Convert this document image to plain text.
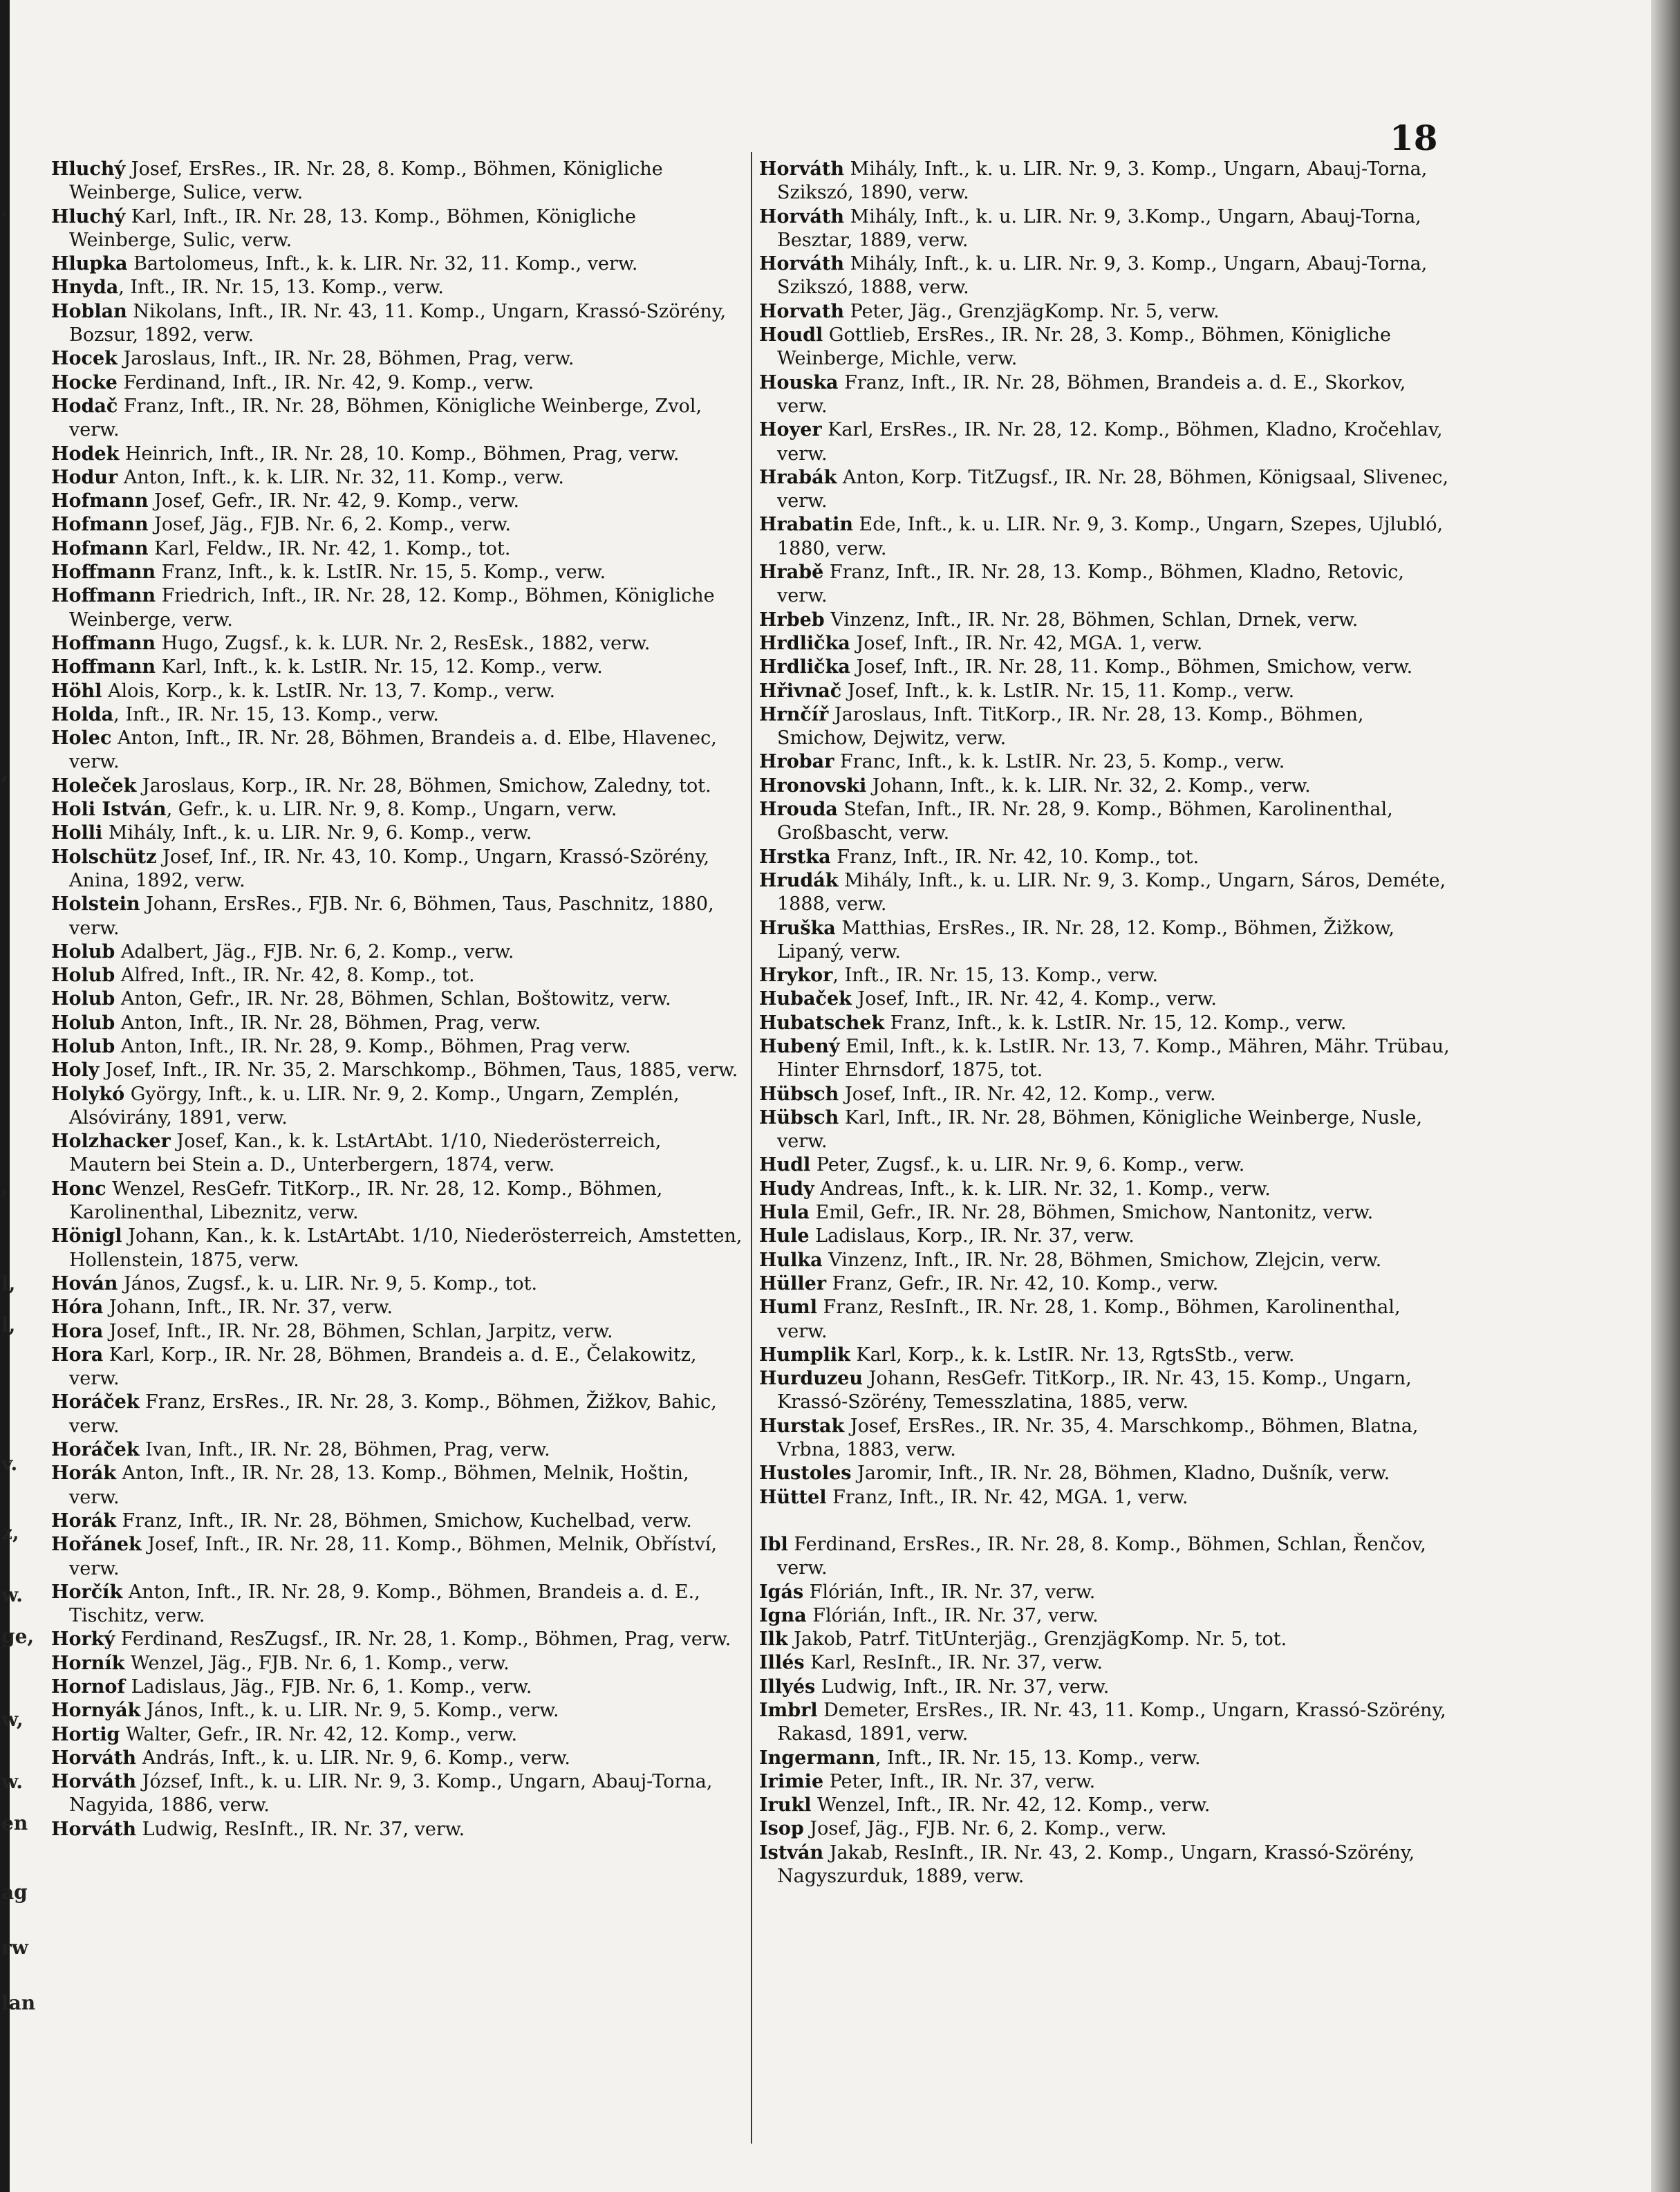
'
,
,
l,
l,
v.
z,
w.
ge,
w,
w.
en
ag
rw
lan
18
Hluchý Josef, ErsRes., IR. Nr. 28, 8. Komp., Böhmen, Königliche Weinberge, Sulice, verw.
Hluchý Karl, Inft., IR. Nr. 28, 13. Komp., Böhmen, Königliche Weinberge, Sulic, verw.
Hlupka Bartolomeus, Inft., k. k. LIR. Nr. 32, 11. Komp., verw.
Hnyda, Inft., IR. Nr. 15, 13. Komp., verw.
Hoblan Nikolans, Inft., IR. Nr. 43, 11. Komp., Ungarn, Krassó-Szörény, Bozsur, 1892, verw.
Hocek Jaroslaus, Inft., IR. Nr. 28, Böhmen, Prag, verw.
Hocke Ferdinand, Inft., IR. Nr. 42, 9. Komp., verw.
Hodač Franz, Inft., IR. Nr. 28, Böhmen, Königliche Weinberge, Zvol, verw.
Hodek Heinrich, Inft., IR. Nr. 28, 10. Komp., Böhmen, Prag, verw.
Hodur Anton, Inft., k. k. LIR. Nr. 32, 11. Komp., verw.
Hofmann Josef, Gefr., IR. Nr. 42, 9. Komp., verw.
Hofmann Josef, Jäg., FJB. Nr. 6, 2. Komp., verw.
Hofmann Karl, Feldw., IR. Nr. 42, 1. Komp., tot.
Hoffmann Franz, Inft., k. k. LstIR. Nr. 15, 5. Komp., verw.
Hoffmann Friedrich, Inft., IR. Nr. 28, 12. Komp., Böhmen, Königliche Weinberge, verw.
Hoffmann Hugo, Zugsf., k. k. LUR. Nr. 2, ResEsk., 1882, verw.
Hoffmann Karl, Inft., k. k. LstIR. Nr. 15, 12. Komp., verw.
Höhl Alois, Korp., k. k. LstIR. Nr. 13, 7. Komp., verw.
Holda, Inft., IR. Nr. 15, 13. Komp., verw.
Holec Anton, Inft., IR. Nr. 28, Böhmen, Brandeis a. d. Elbe, Hlavenec, verw.
Holeček Jaroslaus, Korp., IR. Nr. 28, Böhmen, Smichow, Zaledny, tot.
Holi István, Gefr., k. u. LIR. Nr. 9, 8. Komp., Ungarn, verw.
Holli Mihály, Inft., k. u. LIR. Nr. 9, 6. Komp., verw.
Holschütz Josef, Inf., IR. Nr. 43, 10. Komp., Ungarn, Krassó-Szörény, Anina, 1892, verw.
Holstein Johann, ErsRes., FJB. Nr. 6, Böhmen, Taus, Paschnitz, 1880, verw.
Holub Adalbert, Jäg., FJB. Nr. 6, 2. Komp., verw.
Holub Alfred, Inft., IR. Nr. 42, 8. Komp., tot.
Holub Anton, Gefr., IR. Nr. 28, Böhmen, Schlan, Boštowitz, verw.
Holub Anton, Inft., IR. Nr. 28, Böhmen, Prag, verw.
Holub Anton, Inft., IR. Nr. 28, 9. Komp., Böhmen, Prag verw.
Holy Josef, Inft., IR. Nr. 35, 2. Marschkomp., Böhmen, Taus, 1885, verw.
Holykó György, Inft., k. u. LIR. Nr. 9, 2. Komp., Ungarn, Zemplén, Alsóvirány, 1891, verw.
Holzhacker Josef, Kan., k. k. LstArtAbt. 1/10, Niederösterreich, Mautern bei Stein a. D., Unterbergern, 1874, verw.
Honc Wenzel, ResGefr. TitKorp., IR. Nr. 28, 12. Komp., Böhmen, Karolinenthal, Libeznitz, verw.
Hönigl Johann, Kan., k. k. LstArtAbt. 1/10, Niederösterreich, Amstetten, Hollenstein, 1875, verw.
Hován János, Zugsf., k. u. LIR. Nr. 9, 5. Komp., tot.
Hóra Johann, Inft., IR. Nr. 37, verw.
Hora Josef, Inft., IR. Nr. 28, Böhmen, Schlan, Jarpitz, verw.
Hora Karl, Korp., IR. Nr. 28, Böhmen, Brandeis a. d. E., Čelakowitz, verw.
Horáček Franz, ErsRes., IR. Nr. 28, 3. Komp., Böhmen, Žižkov, Bahic, verw.
Horáček Ivan, Inft., IR. Nr. 28, Böhmen, Prag, verw.
Horák Anton, Inft., IR. Nr. 28, 13. Komp., Böhmen, Melnik, Hoštin, verw.
Horák Franz, Inft., IR. Nr. 28, Böhmen, Smichow, Kuchelbad, verw.
Hořánek Josef, Inft., IR. Nr. 28, 11. Komp., Böhmen, Melnik, Obříství, verw.
Horčík Anton, Inft., IR. Nr. 28, 9. Komp., Böhmen, Brandeis a. d. E., Tischitz, verw.
Horký Ferdinand, ResZugsf., IR. Nr. 28, 1. Komp., Böhmen, Prag, verw.
Horník Wenzel, Jäg., FJB. Nr. 6, 1. Komp., verw.
Hornof Ladislaus, Jäg., FJB. Nr. 6, 1. Komp., verw.
Hornyák János, Inft., k. u. LIR. Nr. 9, 5. Komp., verw.
Hortig Walter, Gefr., IR. Nr. 42, 12. Komp., verw.
Horváth András, Inft., k. u. LIR. Nr. 9, 6. Komp., verw.
Horváth József, Inft., k. u. LIR. Nr. 9, 3. Komp., Ungarn, Abauj-Torna, Nagyida, 1886, verw.
Horváth Ludwig, ResInft., IR. Nr. 37, verw.
Horváth Mihály, Inft., k. u. LIR. Nr. 9, 3. Komp., Ungarn, Abauj-Torna, Szikszó, 1890, verw.
Horváth Mihály, Inft., k. u. LIR. Nr. 9, 3.Komp., Ungarn, Abauj-Torna, Besztar, 1889, verw.
Horváth Mihály, Inft., k. u. LIR. Nr. 9, 3. Komp., Ungarn, Abauj-Torna, Szikszó, 1888, verw.
Horvath Peter, Jäg., GrenzjägKomp. Nr. 5, verw.
Houdl Gottlieb, ErsRes., IR. Nr. 28, 3. Komp., Böhmen, Königliche Weinberge, Michle, verw.
Houska Franz, Inft., IR. Nr. 28, Böhmen, Brandeis a. d. E., Skorkov, verw.
Hoyer Karl, ErsRes., IR. Nr. 28, 12. Komp., Böhmen, Kladno, Kročehlav, verw.
Hrabák Anton, Korp. TitZugsf., IR. Nr. 28, Böhmen, Königsaal, Slivenec, verw.
Hrabatin Ede, Inft., k. u. LIR. Nr. 9, 3. Komp., Ungarn, Szepes, Ujlubló, 1880, verw.
Hrabě Franz, Inft., IR. Nr. 28, 13. Komp., Böhmen, Kladno, Retovic, verw.
Hrbeb Vinzenz, Inft., IR. Nr. 28, Böhmen, Schlan, Drnek, verw.
Hrdlička Josef, Inft., IR. Nr. 42, MGA. 1, verw.
Hrdlička Josef, Inft., IR. Nr. 28, 11. Komp., Böhmen, Smichow, verw.
Hřivnač Josef, Inft., k. k. LstIR. Nr. 15, 11. Komp., verw.
Hrnčíř Jaroslaus, Inft. TitKorp., IR. Nr. 28, 13. Komp., Böhmen, Smichow, Dejwitz, verw.
Hrobar Franc, Inft., k. k. LstIR. Nr. 23, 5. Komp., verw.
Hronovski Johann, Inft., k. k. LIR. Nr. 32, 2. Komp., verw.
Hrouda Stefan, Inft., IR. Nr. 28, 9. Komp., Böhmen, Karolinenthal, Großbascht, verw.
Hrstka Franz, Inft., IR. Nr. 42, 10. Komp., tot.
Hrudák Mihály, Inft., k. u. LIR. Nr. 9, 3. Komp., Ungarn, Sáros, Deméte, 1888, verw.
Hruška Matthias, ErsRes., IR. Nr. 28, 12. Komp., Böhmen, Žižkow, Lipaný, verw.
Hrykor, Inft., IR. Nr. 15, 13. Komp., verw.
Hubaček Josef, Inft., IR. Nr. 42, 4. Komp., verw.
Hubatschek Franz, Inft., k. k. LstIR. Nr. 15, 12. Komp., verw.
Hubený Emil, Inft., k. k. LstIR. Nr. 13, 7. Komp., Mähren, Mähr. Trübau, Hinter Ehrnsdorf, 1875, tot.
Hübsch Josef, Inft., IR. Nr. 42, 12. Komp., verw.
Hübsch Karl, Inft., IR. Nr. 28, Böhmen, Königliche Weinberge, Nusle, verw.
Hudl Peter, Zugsf., k. u. LIR. Nr. 9, 6. Komp., verw.
Hudy Andreas, Inft., k. k. LIR. Nr. 32, 1. Komp., verw.
Hula Emil, Gefr., IR. Nr. 28, Böhmen, Smichow, Nantonitz, verw.
Hule Ladislaus, Korp., IR. Nr. 37, verw.
Hulka Vinzenz, Inft., IR. Nr. 28, Böhmen, Smichow, Zlejcin, verw.
Hüller Franz, Gefr., IR. Nr. 42, 10. Komp., verw.
Huml Franz, ResInft., IR. Nr. 28, 1. Komp., Böhmen, Karolinenthal, verw.
Humplik Karl, Korp., k. k. LstIR. Nr. 13, RgtsStb., verw.
Hurduzeu Johann, ResGefr. TitKorp., IR. Nr. 43, 15. Komp., Ungarn, Krassó-Szörény, Temesszlatina, 1885, verw.
Hurstak Josef, ErsRes., IR. Nr. 35, 4. Marschkomp., Böhmen, Blatna, Vrbna, 1883, verw.
Hustoles Jaromir, Inft., IR. Nr. 28, Böhmen, Kladno, Dušník, verw.
Hüttel Franz, Inft., IR. Nr. 42, MGA. 1, verw.
Ibl Ferdinand, ErsRes., IR. Nr. 28, 8. Komp., Böhmen, Schlan, Řenčov, verw.
Igás Flórián, Inft., IR. Nr. 37, verw.
Igna Flórián, Inft., IR. Nr. 37, verw.
Ilk Jakob, Patrf. TitUnterjäg., GrenzjägKomp. Nr. 5, tot.
Illés Karl, ResInft., IR. Nr. 37, verw.
Illyés Ludwig, Inft., IR. Nr. 37, verw.
Imbrl Demeter, ErsRes., IR. Nr. 43, 11. Komp., Ungarn, Krassó-Szörény, Rakasd, 1891, verw.
Ingermann, Inft., IR. Nr. 15, 13. Komp., verw.
Irimie Peter, Inft., IR. Nr. 37, verw.
Irukl Wenzel, Inft., IR. Nr. 42, 12. Komp., verw.
Isop Josef, Jäg., FJB. Nr. 6, 2. Komp., verw.
István Jakab, ResInft., IR. Nr. 43, 2. Komp., Ungarn, Krassó-Szörény, Nagyszurduk, 1889, verw.
